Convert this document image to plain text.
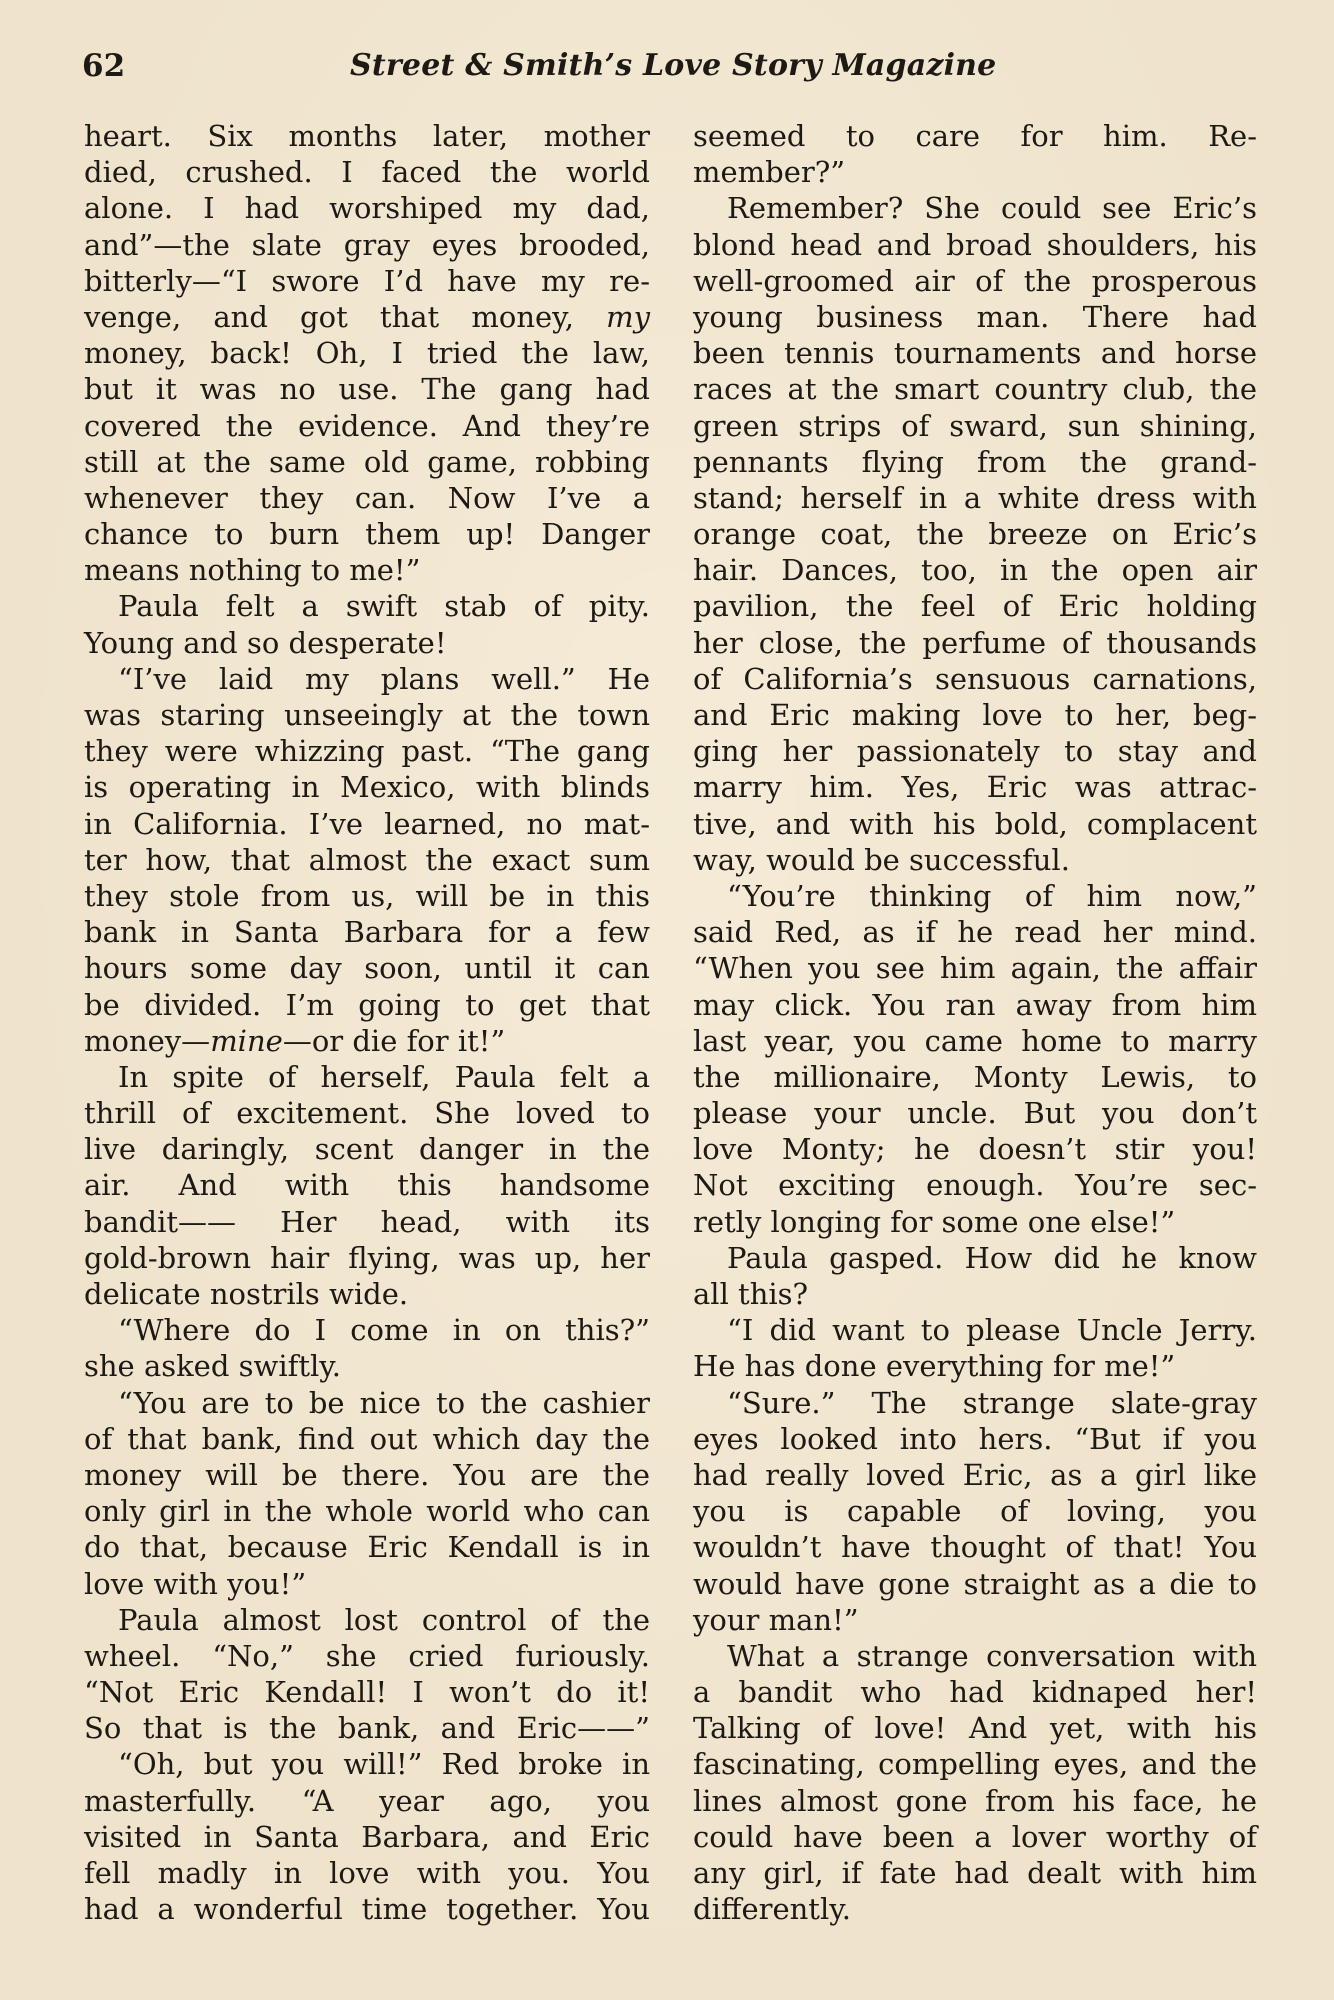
62	Street & Smith’s Love Story Magazine
heart. Six months later, mother
died, crushed. I faced the world
alone. I had worshiped my dad,
and”—the slate gray eyes brooded,
bitterly—“I swore I’d have my re-
venge, and got that money, my
money, back! Oh, I tried the law,
but it was no use. The gang had
covered the evidence. And they’re
still at the same old game, robbing
whenever they can. Now I’ve a
chance to burn them up! Danger
means nothing to me!”
Paula felt a swift stab of pity.
Young and so desperate!
“I’ve laid my plans well.” He
was staring unseeingly at the town
they were whizzing past. “The gang
is operating in Mexico, with blinds
in California. I’ve learned, no mat-
ter how, that almost the exact sum
they stole from us, will be in this
bank in Santa Barbara for a few
hours some day soon, until it can
be divided. I’m going to get that
money—mine—or die for it!”
In spite of herself, Paula felt a
thrill of excitement. She loved to
live daringly, scent danger in the
air. And with this handsome
bandit—— Her head, with its
gold-brown hair flying, was up, her
delicate nostrils wide.
“Where do I come in on this?”
she asked swiftly.
“You are to be nice to the cashier
of that bank, find out which day the
money will be there. You are the
only girl in the whole world who can
do that, because Eric Kendall is in
love with you!”
Paula almost lost control of the
wheel. “No,” she cried furiously.
“Not Eric Kendall! I won’t do it!
So that is the bank, and Eric——”
“Oh, but you will!” Red broke in
masterfully. “A year ago, you
visited in Santa Barbara, and Eric
fell madly in love with you. You
had a wonderful time together. You
seemed to care for him. Re-
member?”
Remember? She could see Eric’s
blond head and broad shoulders, his
well-groomed air of the prosperous
young business man. There had
been tennis tournaments and horse
races at the smart country club, the
green strips of sward, sun shining,
pennants flying from the grand-
stand; herself in a white dress with
orange coat, the breeze on Eric’s
hair. Dances, too, in the open air
pavilion, the feel of Eric holding
her close, the perfume of thousands
of California’s sensuous carnations,
and Eric making love to her, beg-
ging her passionately to stay and
marry him. Yes, Eric was attrac-
tive, and with his bold, complacent
way, would be successful.
“You’re thinking of him now,”
said Red, as if he read her mind.
“When you see him again, the affair
may click. You ran away from him
last year, you came home to marry
the millionaire, Monty Lewis, to
please your uncle. But you don’t
love Monty; he doesn’t stir you!
Not exciting enough. You’re sec-
retly longing for some one else!”
Paula gasped. How did he know
all this?
“I did want to please Uncle Jerry.
He has done everything for me!”
“Sure.” The strange slate-gray
eyes looked into hers. “But if you
had really loved Eric, as a girl like
you is capable of loving, you
wouldn’t have thought of that! You
would have gone straight as a die to
your man!”
What a strange conversation with
a bandit who had kidnaped her!
Talking of love! And yet, with his
fascinating, compelling eyes, and the
lines almost gone from his face, he
could have been a lover worthy of
any girl, if fate had dealt with him
differently.
